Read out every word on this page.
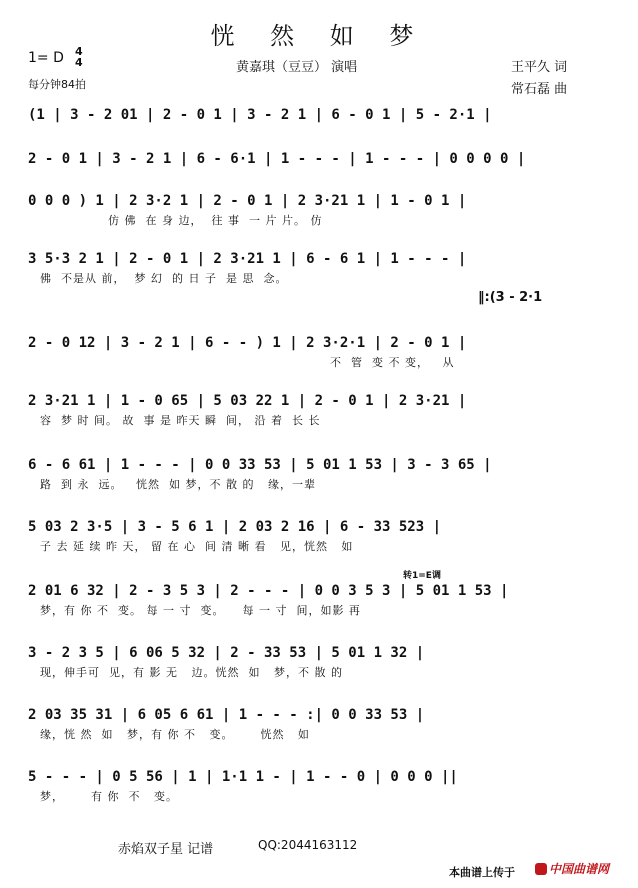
恍 然 如 梦
1= D 4
4
每分钟84拍
黄嘉琪（豆豆） 演唱	王平久 词
常石磊 曲
(1 | 3 - 2 01 | 2 - 0 1 | 3 - 2 1 | 6 - 0 1 | 5 - 2·1 |
2 - 0 1 | 3 - 2 1 | 6 - 6·1 | 1 - - - | 1 - - - | 0 0 0 0 |
0 0 0 ) 1 | 2 3·2 1 | 2 - 0 1 | 2 3·21 1 | 1 - 0 1 |
仿 佛  在 身 边，  往 事  一 片 片。 仿
3 5·3 2 1 | 2 - 0 1 | 2 3·21 1 | 6 - 6 1 | 1 - - - |
佛  不是从 前，  梦 幻  的 日 子  是 思  念。
‖:(3 - 2·1
2 - 0 12 | 3 - 2 1 | 6 - - ) 1 | 2 3·2·1 | 2 - 0 1 |
不  管  变 不 变，   从
2 3·21 1 | 1 - 0 65 | 5 03 22 1 | 2 - 0 1 | 2 3·21 |
容  梦 时 间。 故  事 是 昨天 瞬  间， 沿 着  长 长
6 - 6 61 | 1 - - - | 0 0 33 53 | 5 01 1 53 | 3 - 3 65 |
路  到 永  远。   恍然  如 梦，不 散 的   缘，一辈
5 03 2 3·5 | 3 - 5 6 1 | 2 03 2 16 | 6 - 33 523 |
子 去 延 续 昨 天， 留 在 心  间 清 晰 看   见，恍然   如
转1=E调
2 01 6 32 | 2 - 3 5 3 | 2 - - - | 0 0 3 5 3 | 5 01 1 53 |
梦，有 你 不  变。 每 一 寸  变。    每 一 寸  间，如影 再
3 - 2 3 5 | 6 06 5 32 | 2 - 33 53 | 5 01 1 32 |
现，伸手可  见，有 影 无   边。恍然  如   梦，不 散 的
2 03 35 31 | 6 05 6 61 | 1 - - - :| 0 0 33 53 |
缘，恍 然  如   梦，有 你 不   变。      恍然   如
5 - - - | 0 5 56 | 1 | 1·1 1 - | 1 - - 0 | 0 0 0 ||
梦，      有 你  不   变。
赤焰双子星 记谱	QQ:2044163112
本曲谱上传于	中国曲谱网
